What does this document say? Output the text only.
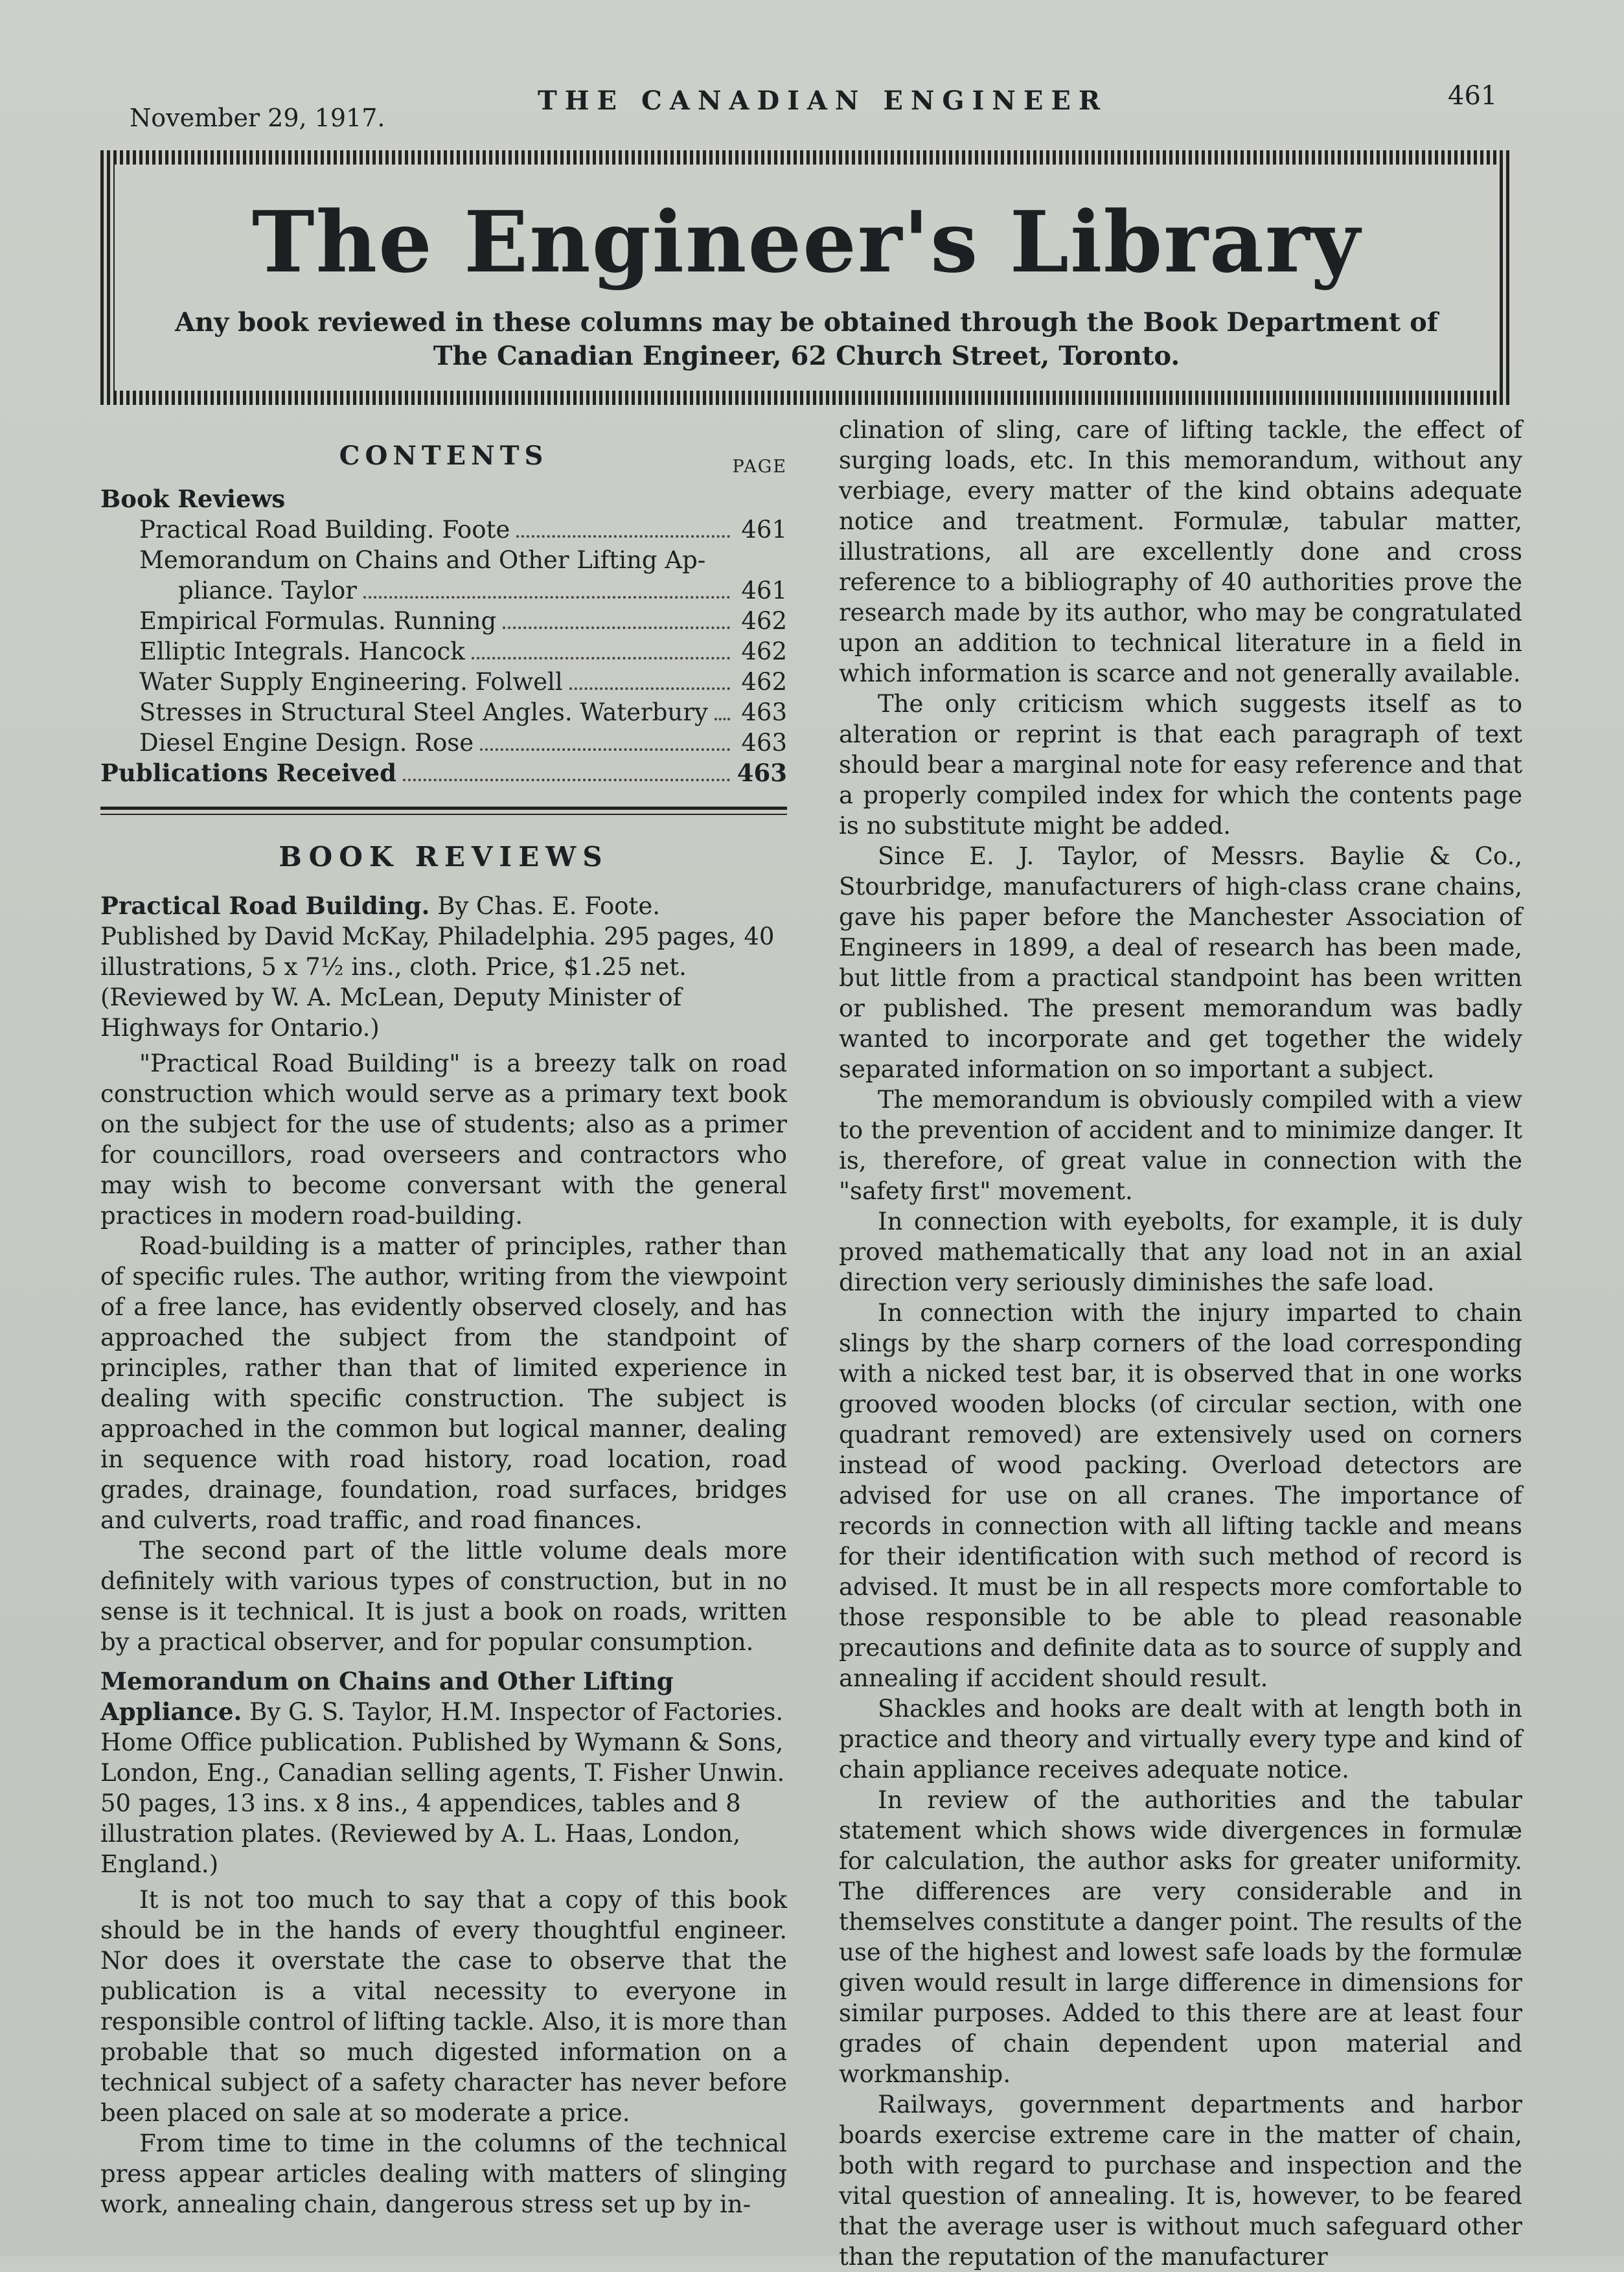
November 29, 1917.
THE CANADIAN ENGINEER	461
The Engineer's Library
Any book reviewed in these columns may be obtained through the Book Department of
The Canadian Engineer, 62 Church Street, Toronto.
CONTENTS	PAGE
Book Reviews
Practical Road Building. Foote	461
Memorandum on Chains and Other Lifting Ap-
pliance. Taylor	461
Empirical Formulas. Running	462
Elliptic Integrals. Hancock	462
Water Supply Engineering. Folwell	462
Stresses in Structural Steel Angles. Waterbury 463
Diesel Engine Design. Rose	463
Publications Received	463
BOOK REVIEWS
Practical Road Building. By Chas. E. Foote. Published by David McKay, Philadelphia. 295 pages, 40 illustrations, 5 x 7½ ins., cloth. Price, $1.25 net. (Reviewed by W. A. McLean, Deputy Minister of Highways for Ontario.)

"Practical Road Building" is a breezy talk on road construction which would serve as a primary text book on the subject for the use of students; also as a primer for councillors, road overseers and contractors who may wish to become conversant with the general practices in modern road-building.

Road-building is a matter of principles, rather than of specific rules. The author, writing from the viewpoint of a free lance, has evidently observed closely, and has approached the subject from the standpoint of principles, rather than that of limited experience in dealing with specific construction. The subject is approached in the common but logical manner, dealing in sequence with road history, road location, road grades, drainage, foundation, road surfaces, bridges and culverts, road traffic, and road finances.

The second part of the little volume deals more definitely with various types of construction, but in no sense is it technical. It is just a book on roads, written by a practical observer, and for popular consumption.

Memorandum on Chains and Other Lifting Appliance. By G. S. Taylor, H.M. Inspector of Factories. Home Office publication. Published by Wymann & Sons, London, Eng., Canadian selling agents, T. Fisher Unwin. 50 pages, 13 ins. x 8 ins., 4 appendices, tables and 8 illustration plates. (Reviewed by A. L. Haas, London, England.)

It is not too much to say that a copy of this book should be in the hands of every thoughtful engineer. Nor does it overstate the case to observe that the publication is a vital necessity to everyone in responsible control of lifting tackle. Also, it is more than probable that so much digested information on a technical subject of a safety character has never before been placed on sale at so moderate a price.

From time to time in the columns of the technical press appear articles dealing with matters of slinging work, annealing chain, dangerous stress set up by in-

clination of sling, care of lifting tackle, the effect of surging loads, etc. In this memorandum, without any verbiage, every matter of the kind obtains adequate notice and treatment. Formulæ, tabular matter, illustrations, all are excellently done and cross reference to a bibliography of 40 authorities prove the research made by its author, who may be congratulated upon an addition to technical literature in a field in which information is scarce and not generally available.

The only criticism which suggests itself as to alteration or reprint is that each paragraph of text should bear a marginal note for easy reference and that a properly compiled index for which the contents page is no substitute might be added.

Since E. J. Taylor, of Messrs. Baylie & Co., Stourbridge, manufacturers of high-class crane chains, gave his paper before the Manchester Association of Engineers in 1899, a deal of research has been made, but little from a practical standpoint has been written or published. The present memorandum was badly wanted to incorporate and get together the widely separated information on so important a subject.

The memorandum is obviously compiled with a view to the prevention of accident and to minimize danger. It is, therefore, of great value in connection with the "safety first" movement.

In connection with eyebolts, for example, it is duly proved mathematically that any load not in an axial direction very seriously diminishes the safe load.

In connection with the injury imparted to chain slings by the sharp corners of the load corresponding with a nicked test bar, it is observed that in one works grooved wooden blocks (of circular section, with one quadrant removed) are extensively used on corners instead of wood packing. Overload detectors are advised for use on all cranes. The importance of records in connection with all lifting tackle and means for their identification with such method of record is advised. It must be in all respects more comfortable to those responsible to be able to plead reasonable precautions and definite data as to source of supply and annealing if accident should result.

Shackles and hooks are dealt with at length both in practice and theory and virtually every type and kind of chain appliance receives adequate notice.

In review of the authorities and the tabular statement which shows wide divergences in formulæ for calculation, the author asks for greater uniformity. The differences are very considerable and in themselves constitute a danger point. The results of the use of the highest and lowest safe loads by the formulæ given would result in large difference in dimensions for similar purposes. Added to this there are at least four grades of chain dependent upon material and workmanship.

Railways, government departments and harbor boards exercise extreme care in the matter of chain, both with regard to purchase and inspection and the vital question of annealing. It is, however, to be feared that the average user is without much safeguard other than the reputation of the manufacturer
